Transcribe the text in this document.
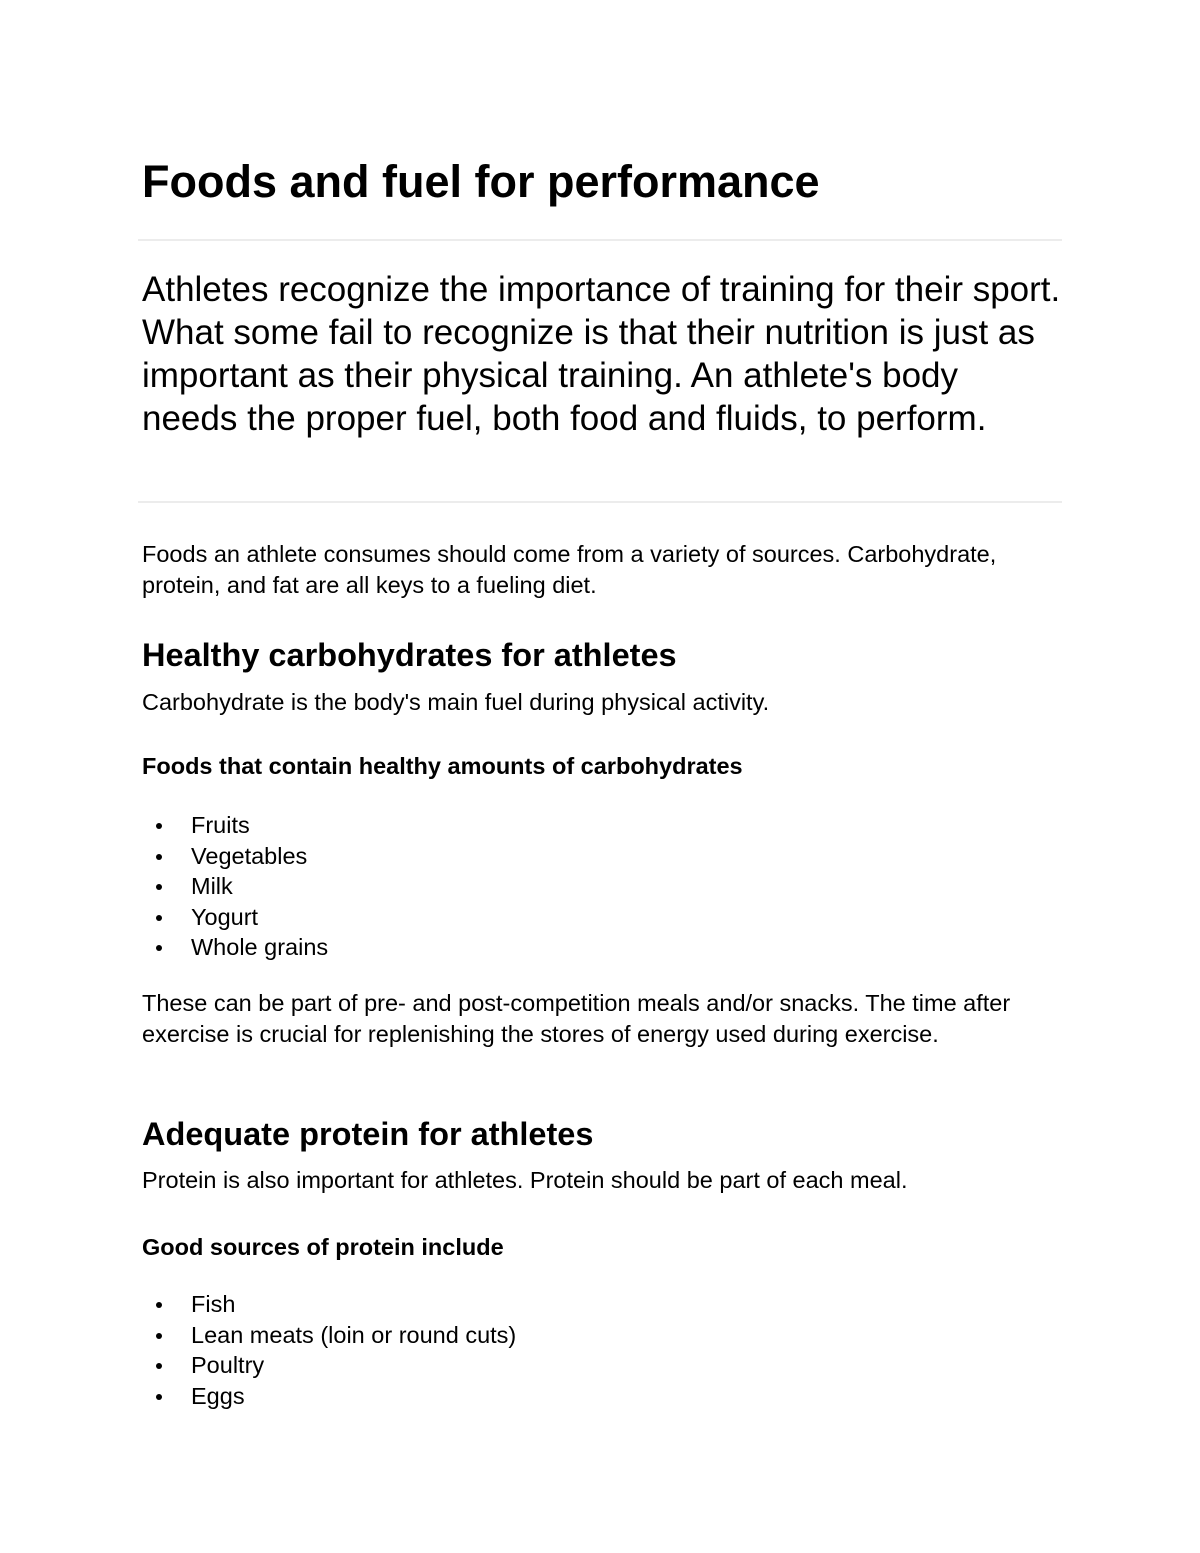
Foods and fuel for performance

Athletes recognize the importance of training for their sport. What some fail to recognize is that their nutrition is just as important as their physical training. An athlete's body needs the proper fuel, both food and fluids, to perform.

Foods an athlete consumes should come from a variety of sources. Carbohydrate, protein, and fat are all keys to a fueling diet.

Healthy carbohydrates for athletes

Carbohydrate is the body's main fuel during physical activity.

Foods that contain healthy amounts of carbohydrates
Fruits
Vegetables
Milk
Yogurt
Whole grains

These can be part of pre- and post-competition meals and/or snacks. The time after exercise is crucial for replenishing the stores of energy used during exercise.

Adequate protein for athletes

Protein is also important for athletes. Protein should be part of each meal.

Good sources of protein include
Fish
Lean meats (loin or round cuts)
Poultry
Eggs
